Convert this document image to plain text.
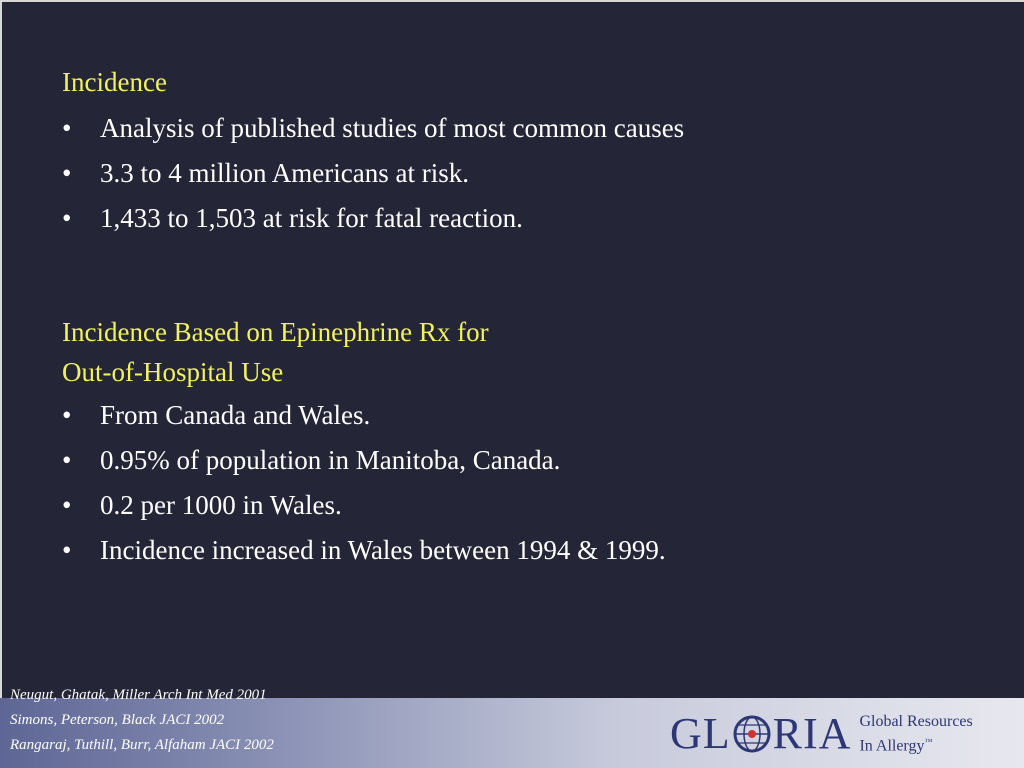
Incidence
• Analysis of published studies of most common causes
• 3.3 to 4 million Americans at risk.
• 1,433 to 1,503 at risk for fatal reaction.
Incidence Based on Epinephrine Rx for
Out-of-Hospital Use
• From Canada and Wales.
• 0.95% of population in Manitoba, Canada.
• 0.2 per 1000 in Wales.
• Incidence increased in Wales between 1994 & 1999.
Neugut, Ghatak, Miller Arch Int Med 2001
Simons, Peterson, Black JACI 2002
Rangaraj, Tuthill, Burr, Alfaham JACI 2002	GL RIA Global Resources
In Allergy™
